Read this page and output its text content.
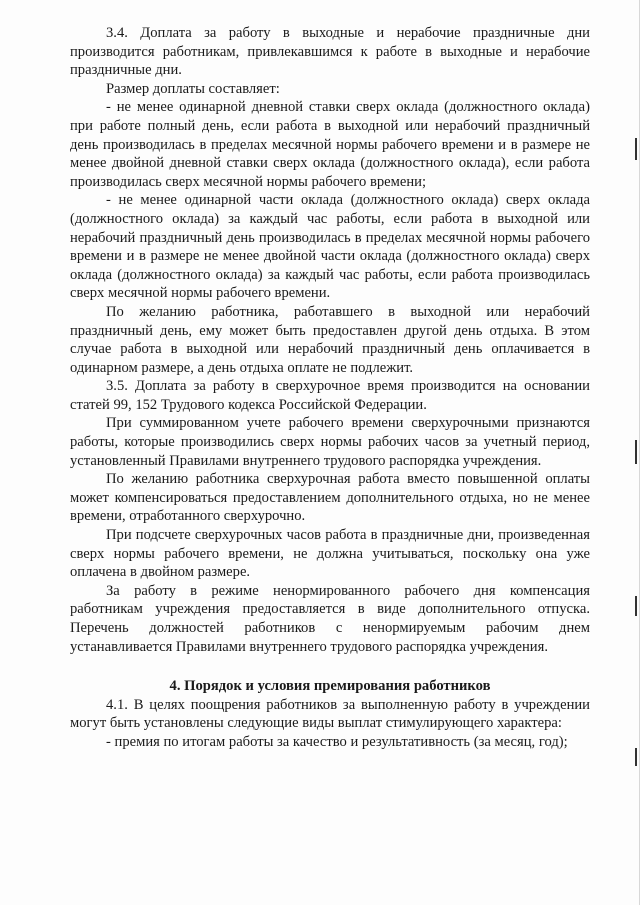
3.4. Доплата за работу в выходные и нерабочие праздничные дни производится работникам, привлекавшимся к работе в выходные и нерабочие праздничные дни.

Размер доплаты составляет:

- не менее одинарной дневной ставки сверх оклада (должностного оклада) при работе полный день, если работа в выходной или нерабочий праздничный день производилась в пределах месячной нормы рабочего времени и в размере не менее двойной дневной ставки сверх оклада (должностного оклада), если работа производилась сверх месячной нормы рабочего времени;

- не менее одинарной части оклада (должностного оклада) сверх оклада (должностного оклада) за каждый час работы, если работа в выходной или нерабочий праздничный день производилась в пределах месячной нормы рабочего времени и в размере не менее двойной части оклада (должностного оклада) сверх оклада (должностного оклада) за каждый час работы, если работа производилась сверх месячной нормы рабочего времени.

По желанию работника, работавшего в выходной или нерабочий праздничный день, ему может быть предоставлен другой день отдыха. В этом случае работа в выходной или нерабочий праздничный день оплачивается в одинарном размере, а день отдыха оплате не подлежит.

3.5. Доплата за работу в сверхурочное время производится на основании статей 99, 152 Трудового кодекса Российской Федерации.

При суммированном учете рабочего времени сверхурочными признаются работы, которые производились сверх нормы рабочих часов за учетный период, установленный Правилами внутреннего трудового распорядка учреждения.

По желанию работника сверхурочная работа вместо повышенной оплаты может компенсироваться предоставлением дополнительного отдыха, но не менее времени, отработанного сверхурочно.

При подсчете сверхурочных часов работа в праздничные дни, произведенная сверх нормы рабочего времени, не должна учитываться, поскольку она уже оплачена в двойном размере.

За работу в режиме ненормированного рабочего дня компенсация работникам учреждения предоставляется в виде дополнительного отпуска. Перечень должностей работников с ненормируемым рабочим днем устанавливается Правилами внутреннего трудового распорядка учреждения.

4. Порядок и условия премирования работников

4.1. В целях поощрения работников за выполненную работу в учреждении могут быть установлены следующие виды выплат стимулирующего характера:

- премия по итогам работы за качество и результативность (за месяц, год);
